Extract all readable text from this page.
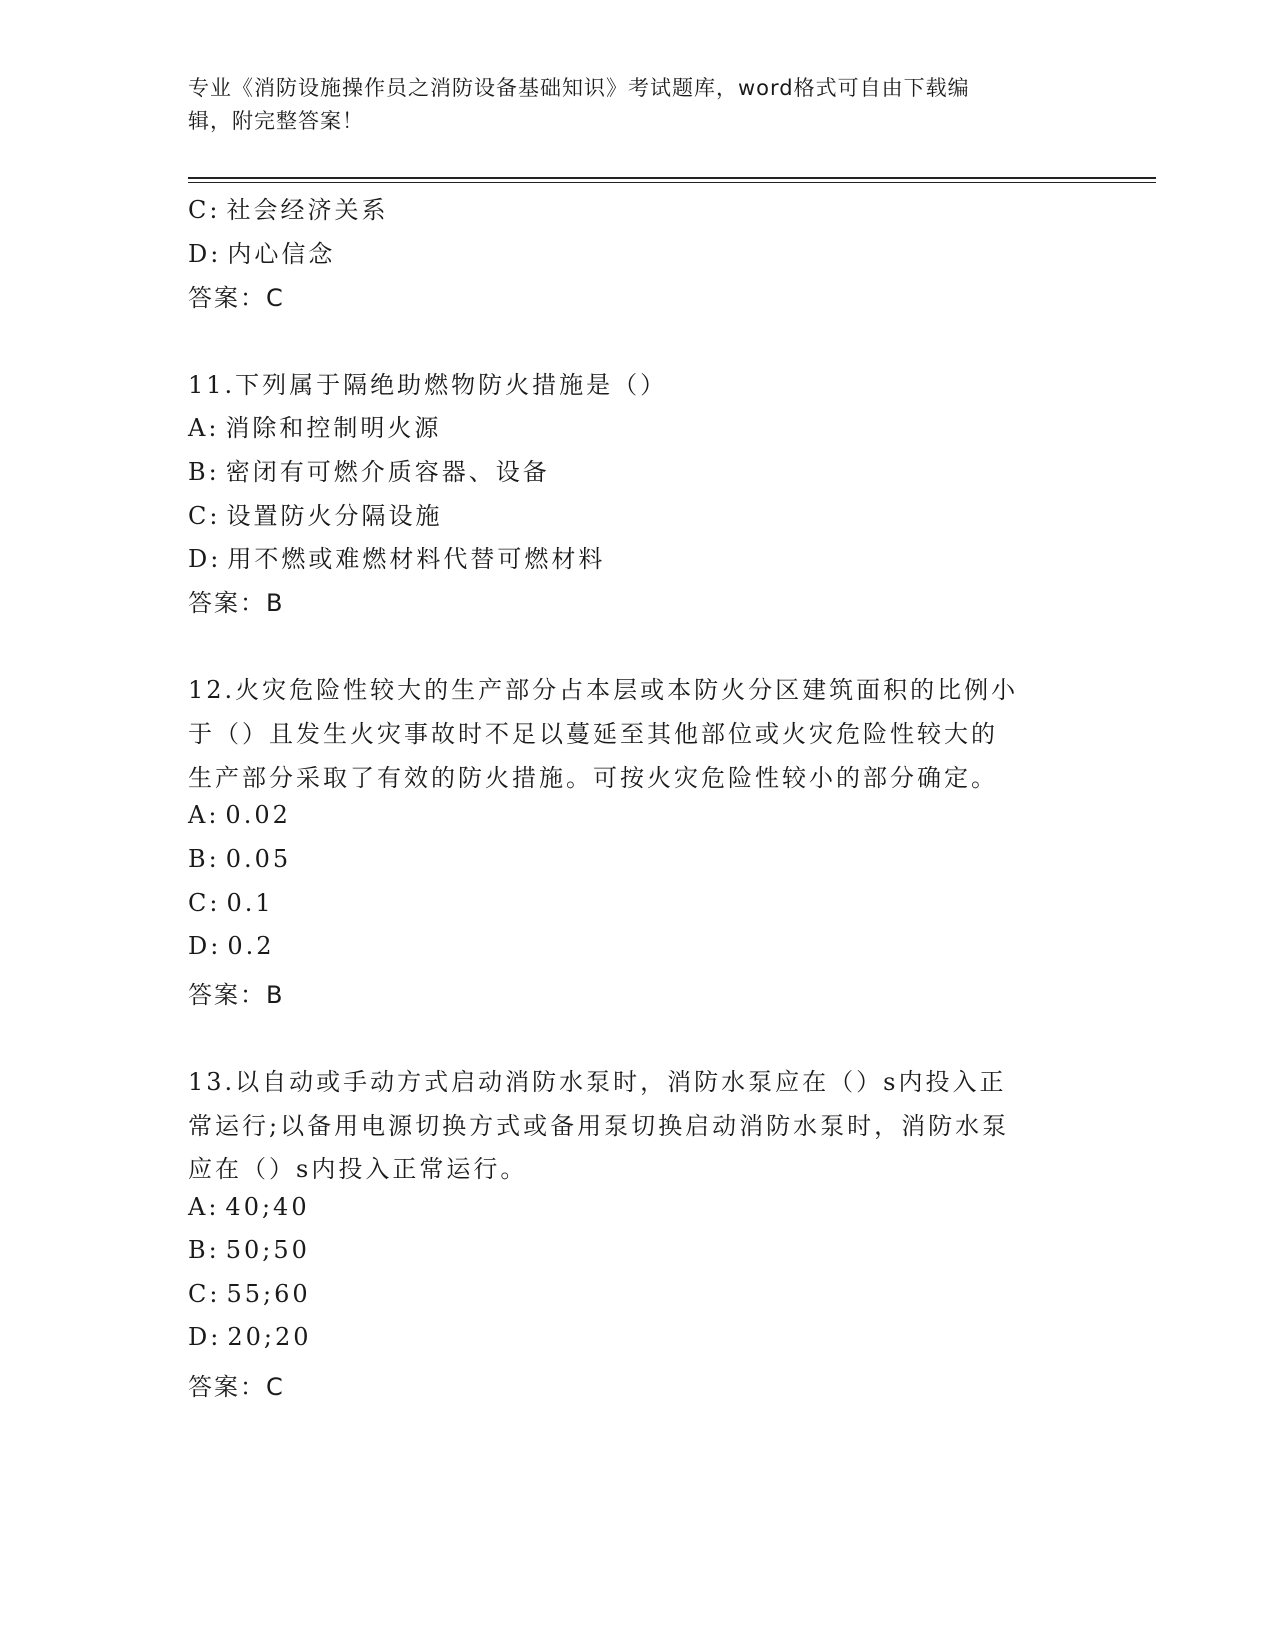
专业《消防设施操作员之消防设备基础知识》考试题库，word格式可自由下载编
辑，附完整答案！
C: 社会经济关系
D: 内心信念
答案：C
11.下列属于隔绝助燃物防火措施是（）
A: 消除和控制明火源
B: 密闭有可燃介质容器、设备
C: 设置防火分隔设施
D: 用不燃或难燃材料代替可燃材料
答案：B
12.火灾危险性较大的生产部分占本层或本防火分区建筑面积的比例小
于（）且发生火灾事故时不足以蔓延至其他部位或火灾危险性较大的
生产部分采取了有效的防火措施。可按火灾危险性较小的部分确定。
A: 0.02
B: 0.05
C: 0.1
D: 0.2
答案：B
13.以自动或手动方式启动消防水泵时，消防水泵应在（）s内投入正
常运行;以备用电源切换方式或备用泵切换启动消防水泵时，消防水泵
应在（）s内投入正常运行。
A: 40;40
B: 50;50
C: 55;60
D: 20;20
答案：C
